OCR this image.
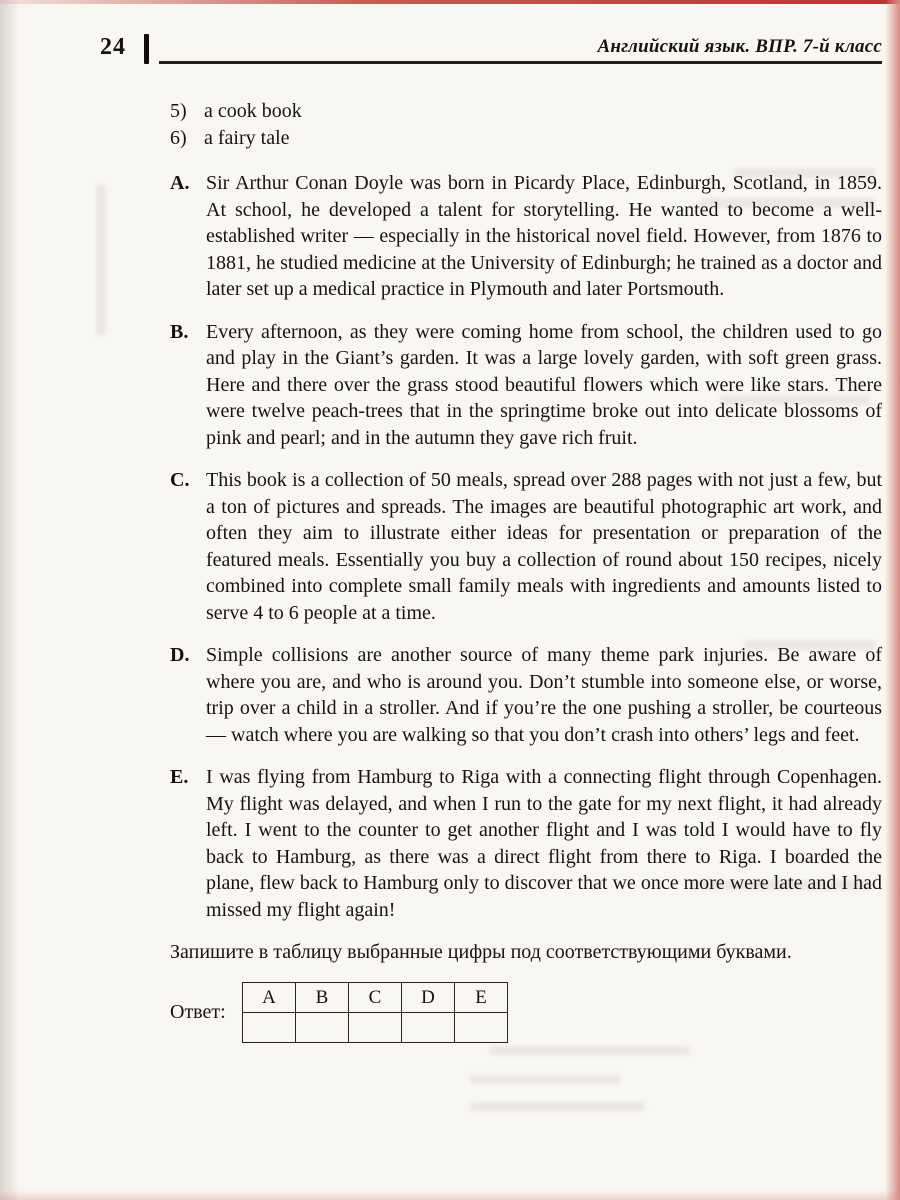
24	Английский язык. ВПР. 7-й класс
5) a cook book
6) a fairy tale
A. Sir Arthur Conan Doyle was born in Picardy Place, Edinburgh, Scotland, in 1859. At school, he developed a talent for storytelling. He wanted to become a well-established writer — especially in the historical novel field. However, from 1876 to 1881, he studied medicine at the University of Edinburgh; he trained as a doctor and later set up a medical practice in Plymouth and later Portsmouth.

B. Every afternoon, as they were coming home from school, the children used to go and play in the Giant’s garden. It was a large lovely garden, with soft green grass. Here and there over the grass stood beautiful flowers which were like stars. There were twelve peach-trees that in the springtime broke out into delicate blossoms of pink and pearl; and in the autumn they gave rich fruit.

C. This book is a collection of 50 meals, spread over 288 pages with not just a few, but a ton of pictures and spreads. The images are beautiful photographic art work, and often they aim to illustrate either ideas for presentation or preparation of the featured meals. Essentially you buy a collection of round about 150 recipes, nicely combined into complete small family meals with ingredients and amounts listed to serve 4 to 6 people at a time.

D. Simple collisions are another source of many theme park injuries. Be aware of where you are, and who is around you. Don’t stumble into someone else, or worse, trip over a child in a stroller. And if you’re the one pushing a stroller, be courteous — watch where you are walking so that you don’t crash into others’ legs and feet.

E. I was flying from Hamburg to Riga with a connecting flight through Copenhagen. My flight was delayed, and when I run to the gate for my next flight, it had already left. I went to the counter to get another flight and I was told I would have to fly back to Hamburg, as there was a direct flight from there to Riga. I boarded the plane, flew back to Hamburg only to discover that we once more were late and I had missed my flight again!

Запишите в таблицу выбранные цифры под соответствующими буквами.

Ответ:
A	B	C	D	E
